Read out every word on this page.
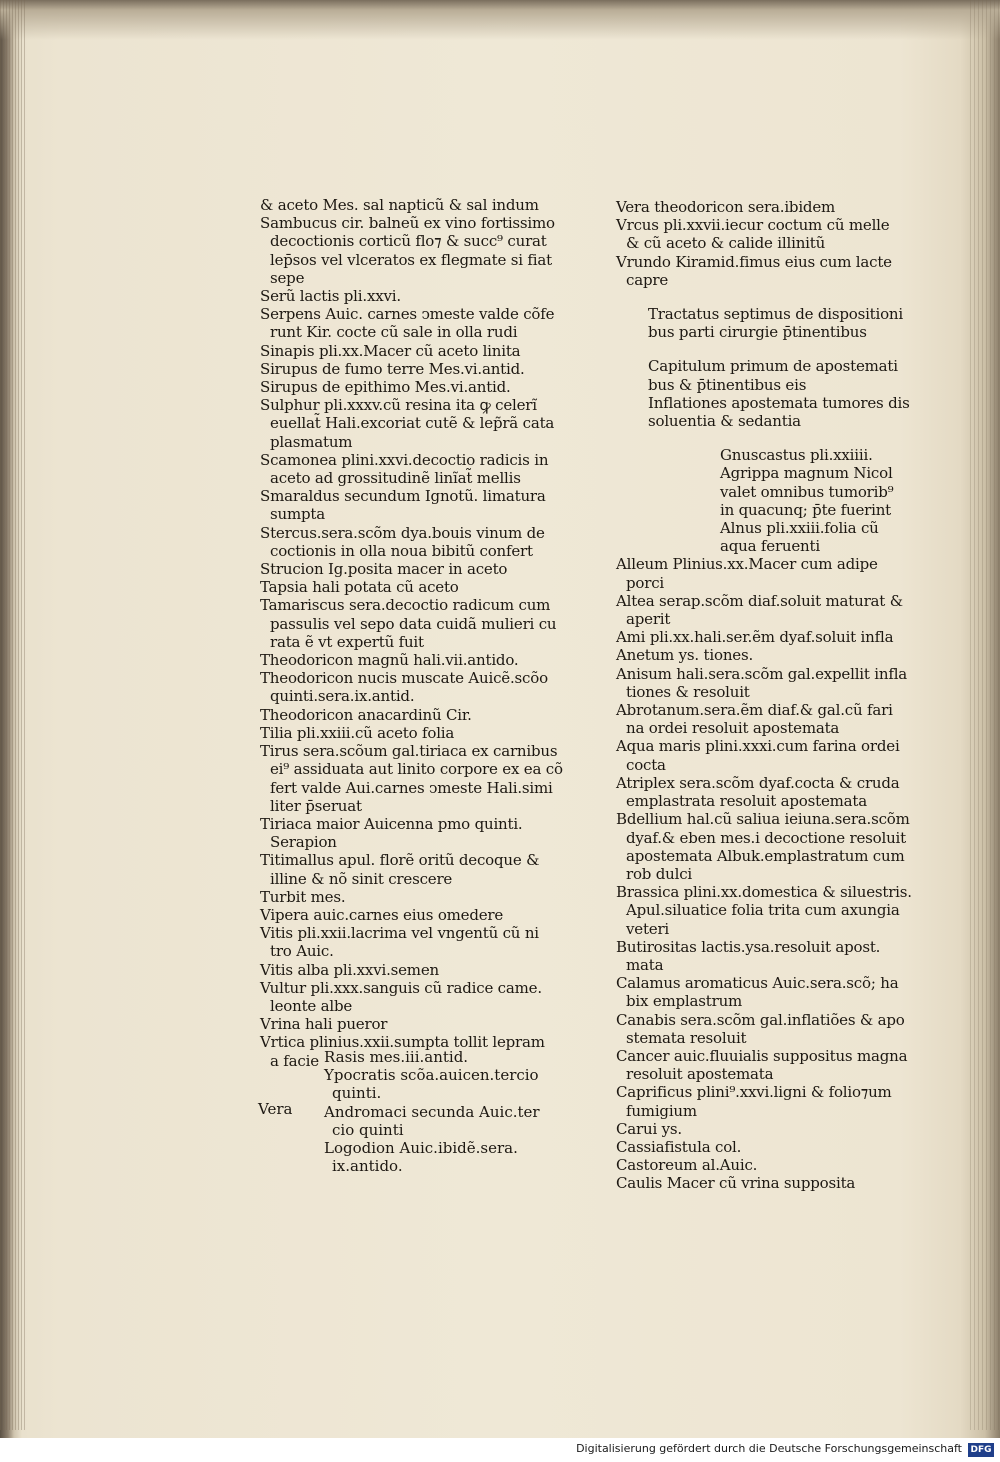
& aceto Mes. sal napticũ & sal indum
Sambucus cir. balneũ ex vino fortissimo
decoctionis corticũ flo⁊ & succ⁹ curat
lep̄sos vel vlceratos ex flegmate si fiat
sepe
Serũ lactis pli.xxvi.
Serpens Auic. carnes ↄmeste valde cõfe
runt Kir. cocte cũ sale in olla rudi
Sinapis pli.xx.Macer cũ aceto linita
Sirupus de fumo terre Mes.vi.antid.
Sirupus de epithimo Mes.vi.antid.
Sulphur pli.xxxv.cũ resina ita ꝙ celerĩ
euellat̃ Hali.excoriat cutẽ & lep̃rã cata
plasmatum
Scamonea plini.xxvi.decoctio radicis in
aceto ad grossitudinẽ linĩat̃ mellis
Smaraldus secundum Ignotũ. limatura
sumpta
Stercus.sera.scõm dya.bouis vinum de
coctionis in olla noua bibitũ confert
Strucion Ig.posita macer in aceto
Tapsia hali potata cũ aceto
Tamariscus sera.decoctio radicum cum
passulis vel sepo data cuidã mulieri cu
rata ẽ vt expertũ fuit
Theodoricon magnũ hali.vii.antido.
Theodoricon nucis muscate Auicẽ.scõo
quinti.sera.ix.antid.
Theodoricon anacardinũ Cir.
Tilia pli.xxiii.cũ aceto folia
Tirus sera.scõum gal.tiriaca ex carnibus
ei⁹ assiduata aut linito corpore ex ea cõ
fert valde Aui.carnes ↄmeste Hali.simi
liter p̄seruat
Tiriaca maior Auicenna pmo quinti.
Serapion
Titimallus apul. florẽ oritũ decoque &
illine & nõ sinit crescere
Turbit mes.
Vipera auic.carnes eius omedere
Vitis pli.xxii.lacrima vel vngentũ cũ ni
tro Auic.
Vitis alba pli.xxvi.semen
Vultur pli.xxx.sanguis cũ radice came.
leonte albe
Vrina hali pueror
Vrtica plinius.xxii.sumpta tollit lepram
a facie
Vera
Rasis mes.iii.antid.
Ypocratis scõa.auicen.tercio
quinti.
Andromaci secunda Auic.ter
cio quinti
Logodion Auic.ibidẽ.sera.
ix.antido.
Vera theodoricon sera.ibidem
Vrcus pli.xxvii.iecur coctum cũ melle
& cũ aceto & calide illinitũ
Vrundo Kiramid.fimus eius cum lacte
capre
Tractatus septimus de dispositioni
bus parti cirurgie p̄tinentibus
Capitulum primum de apostemati
bus & p̄tinentibus eis
Inflationes apostemata tumores dis
soluentia & sedantia
Gnuscastus pli.xxiiii.
Agrippa magnum Nicol
valet omnibus tumorib⁹
in quacunq; p̄te fuerint
Alnus pli.xxiii.folia cũ
aqua feruenti
Alleum Plinius.xx.Macer cum adipe
porci
Altea serap.scõm diaf.soluit maturat &
aperit
Ami pli.xx.hali.ser.ẽm dyaf.soluit infla
Anetum ys. tiones.
Anisum hali.sera.scõm gal.expellit infla
tiones & resoluit
Abrotanum.sera.ẽm diaf.& gal.cũ fari
na ordei resoluit apostemata
Aqua maris plini.xxxi.cum farina ordei
cocta
Atriplex sera.scõm dyaf.cocta & cruda
emplastrata resoluit apostemata
Bdellium hal.cũ saliua ieiuna.sera.scõm
dyaf.& eben mes.i decoctione resoluit
apostemata Albuk.emplastratum cum
rob dulci
Brassica plini.xx.domestica & siluestris.
Apul.siluatice folia trita cum axungia
veteri
Butirositas lactis.ysa.resoluit apost.
mata
Calamus aromaticus Auic.sera.scõ; ha
bix emplastrum
Canabis sera.scõm gal.inflatiões & apo
stemata resoluit
Cancer auic.fluuialis suppositus magna
resoluit apostemata
Caprificus plini⁹.xxvi.ligni & folio⁊um
fumigium
Carui ys.
Cassiafistula col.
Castoreum al.Auic.
Caulis Macer cũ vrina supposita
Digitalisierung gefördert durch die Deutsche Forschungsgemeinschaft DFG
